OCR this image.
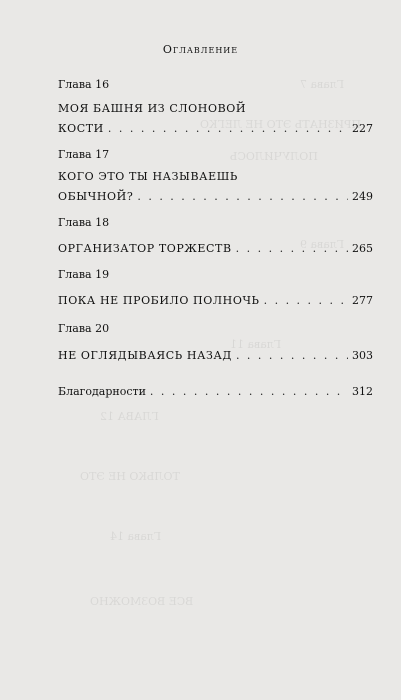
Глава 7
ПРИЗНАТЬ ЭТО НЕ ЛЕГКО
ПОЛУЧИЛОСЬ
Глава 9
Глава 11
ГЛАВА 12
ТОЛЬКО НЕ ЭТО
Глава 14
ВСЕ ВОЗМОЖНО
Оглавление
Глава 16
МОЯ БАШНЯ ИЗ СЛОНОВОЙ
КОСТИ . . .	227
Глава 17
КОГО ЭТО ТЫ НАЗЫВАЕШЬ
ОБЫЧНОЙ? . . .	249
Глава 18
ОРГАНИЗАТОР ТОРЖЕСТВ . . .	265
Глава 19
ПОКА НЕ ПРОБИЛО ПОЛНОЧЬ . . .	277
Глава 20
НЕ ОГЛЯДЫВАЯСЬ НАЗАД . . .	303
Благодарности . . .	312
